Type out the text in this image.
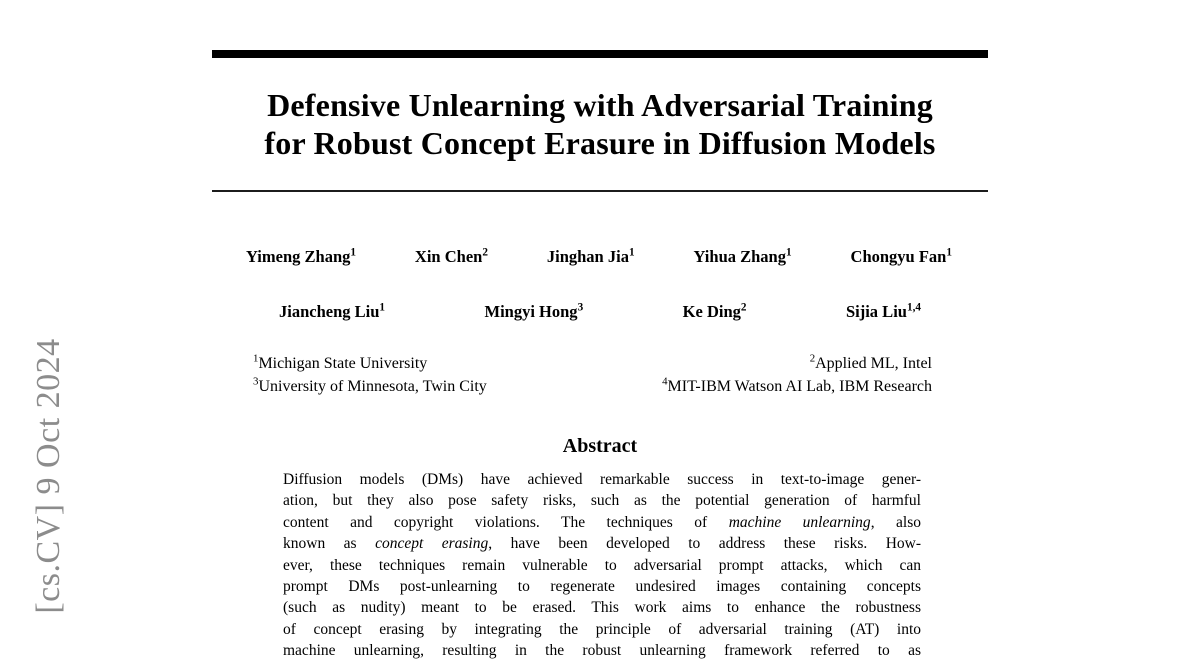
[cs.CV] 9 Oct 2024
Defensive Unlearning with Adversarial Training
for Robust Concept Erasure in Diffusion Models
Yimeng Zhang$^1$	Xin Chen$^2$	Jinghan Jia$^1$	Yihua Zhang$^1$	Chongyu Fan$^1$
Jiancheng Liu$^1$	Mingyi Hong$^3$	Ke Ding$^2$	Sijia Liu$^{1,4}$
$^1$Michigan State University	$^2$Applied ML, Intel
$^3$University of Minnesota, Twin City	$^4$MIT-IBM Watson AI Lab, IBM Research
Abstract
Diffusion models (DMs) have achieved remarkable success in text-to-image gener-
ation, but they also pose safety risks, such as the potential generation of harmful
content and copyright violations. The techniques of machine unlearning, also
known as concept erasing, have been developed to address these risks. How-
ever, these techniques remain vulnerable to adversarial prompt attacks, which can
prompt DMs post-unlearning to regenerate undesired images containing concepts
(such as nudity) meant to be erased. This work aims to enhance the robustness
of concept erasing by integrating the principle of adversarial training (AT) into
machine unlearning, resulting in the robust unlearning framework referred to as
